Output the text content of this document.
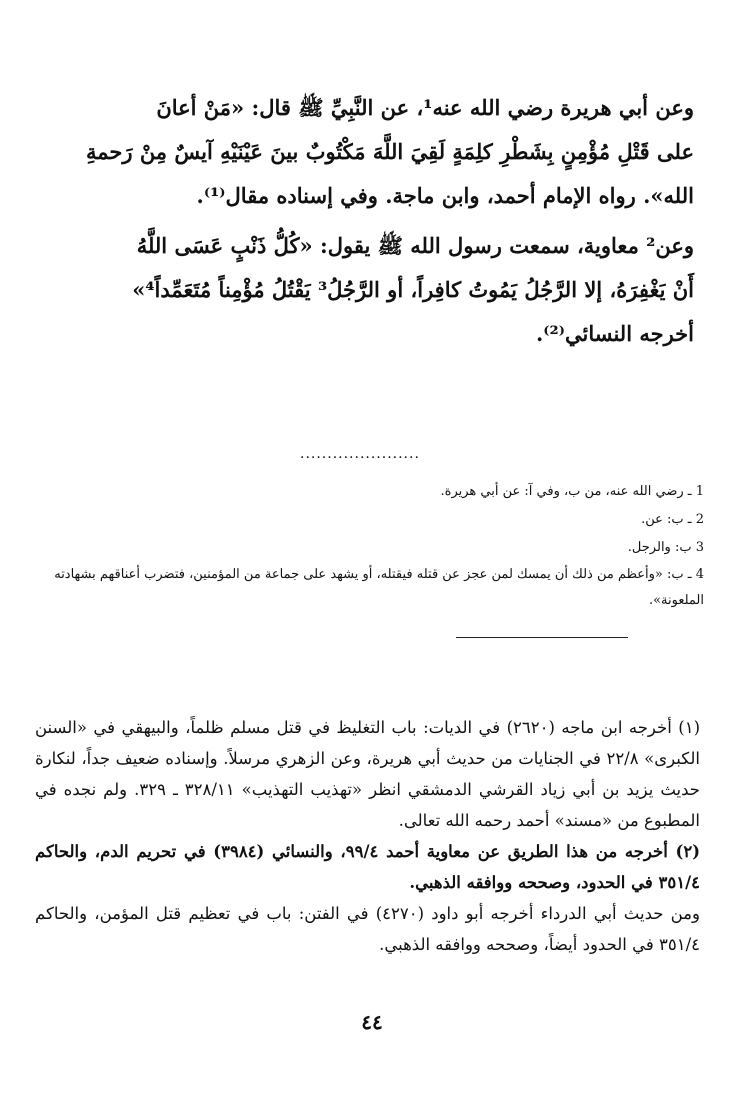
وعن أبي هريرة رضي الله عنه¹، عن النَّبِيِّ ﷺ قال: «مَنْ أعانَ

على قَتْلِ مُؤْمِنٍ بِشَطْرِ كلِمَةٍ لَقِيَ اللَّهَ مَكْتُوبٌ بينَ عَيْنَيْهِ آيسٌ مِنْ رَحمةِ

الله». رواه الإمام أحمد، وابن ماجة. وفي إسناده مقال⁽¹⁾.

وعن² معاوية، سمعت رسول الله ﷺ يقول: «كُلُّ ذَنْبٍ عَسَى اللَّهُ

أَنْ يَغْفِرَهُ، إلا الرَّجُلُ يَمُوتُ كافِراً، أو الرَّجُلُ³ يَقْتُلُ مُؤْمِناً مُتَعَمِّداً⁴»

أخرجه النسائي⁽²⁾.

......................

1 ـ رضي الله عنه، من ب، وفي آ: عن أبي هريرة.

2 ـ ب: عن.

3 ب: والرجل.

4 ـ ب: «وأعظم من ذلك أن يمسك لمن عجز عن قتله فيقتله، أو يشهد على جماعة من المؤمنين، فتضرب أعناقهم بشهادته الملعونة».

(١) أخرجه ابن ماجه (٢٦٢٠) في الديات: باب التغليظ في قتل مسلم ظلماً، والبيهقي في «السنن الكبرى» ٢٢/٨ في الجنايات من حديث أبي هريرة، وعن الزهري مرسلاً. وإسناده ضعيف جداً، لنكارة حديث يزيد بن أبي زياد القرشي الدمشقي انظر «تهذيب التهذيب» ٣٢٨/١١ ـ ٣٢٩. ولم نجده في المطبوع من «مسند» أحمد رحمه الله تعالى.

(٢) أخرجه من هذا الطريق عن معاوية أحمد ٩٩/٤، والنسائي (٣٩٨٤) في تحريم الدم، والحاكم ٣٥١/٤ في الحدود، وصححه ووافقه الذهبي.

ومن حديث أبي الدرداء أخرجه أبو داود (٤٢٧٠) في الفتن: باب في تعظيم قتل المؤمن، والحاكم ٣٥١/٤ في الحدود أيضاً، وصححه ووافقه الذهبي.

٤٤
